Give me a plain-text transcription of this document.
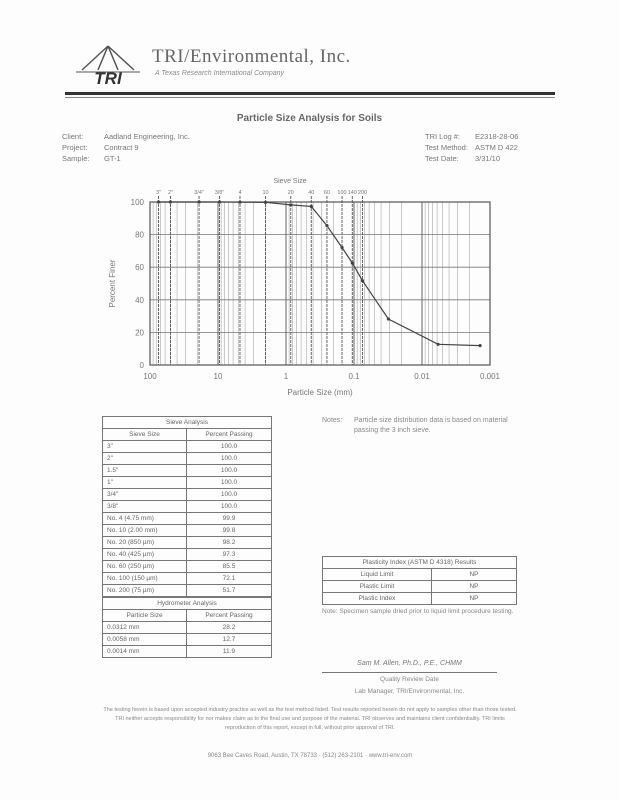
TRI
TRI/Environmental, Inc.
A Texas Research International Company
Particle Size Analysis for Soils
Client:	Aadland Engineering, Inc.
Project: Contract 9
Sample: GT-1
TRI Log #: E2318-28-06
Test Method: ASTM D 422
Test Date: 3/31/10
0
20
40
60
80
100
100	10	1	0.1	0.01	0.001
3" 2"	3/4" 3/8"	4	10	20	40 60 100 140 200
Sieve Size
Particle Size (mm)
Percent Finer
Sieve Analysis	
Sieve Size	Percent Passing
3"	100.0
2"	100.0
1.5"	100.0
1"	100.0
3/4"	100.0
3/8"	100.0
No. 4 (4.75 mm)	99.9
No. 10 (2.00 mm)	99.8
No. 20 (850 µm)	98.2
No. 40 (425 µm)	97.3
No. 60 (250 µm)	85.5
No. 100 (150 µm)	72.1
No. 200 (75 µm)	51.7
Hydrometer Analysis	
Particle Size	Percent Passing
0.0312 mm	28.2
0.0058 mm	12.7
0.0014 mm	11.9
Notes: Particle size distribution data is based on material passing the 3 inch sieve.
Plasticity Index (ASTM D 4318) Results	
Liquid Limit	NP
Plastic Limit	NP
Plastic Index	NP
Note: Specimen sample dried prior to liquid limit procedure testing.
Sam M. Allen, Ph.D., P.E., CHMM
Quality Review Date
Lab Manager, TRI/Environmental, Inc.
The testing herein is based upon accepted industry practice as well as the test method listed. Test results reported herein do not apply to samples other than those tested. TRI neither accepts responsibility for nor makes claim as to the final use and purpose of the material. TRI observes and maintains client confidentiality. TRI limits reproduction of this report, except in full, without prior approval of TRI.
9063 Bee Caves Road, Austin, TX 78733 · (512) 263-2101 · www.tri-env.com
